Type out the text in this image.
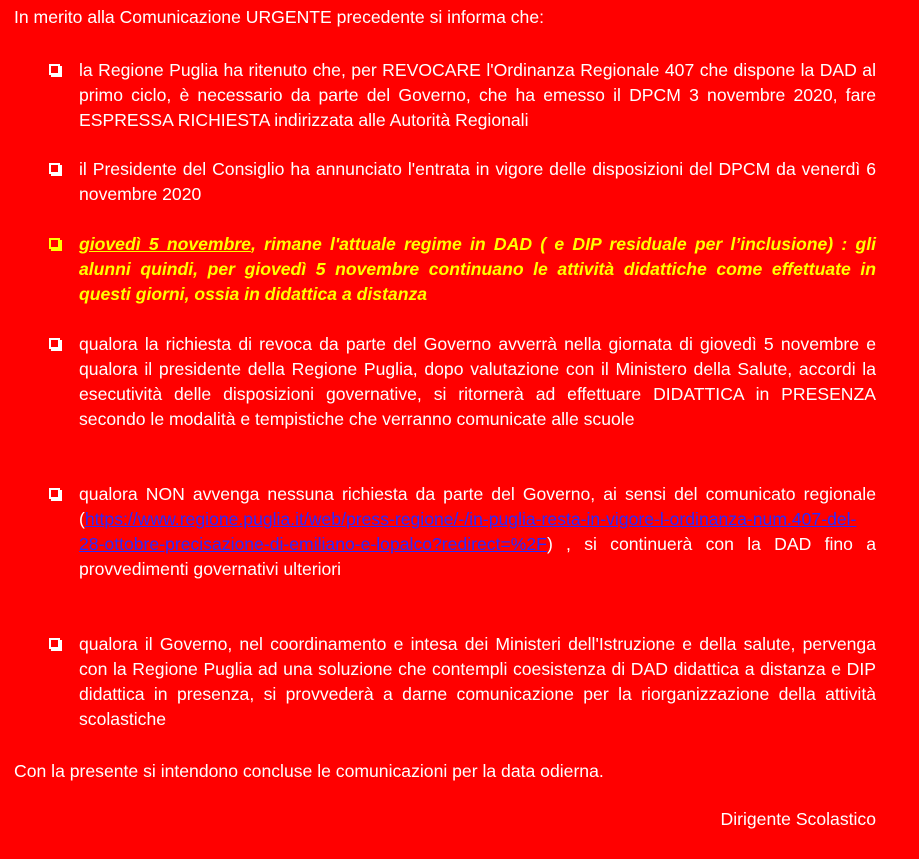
In merito alla Comunicazione URGENTE precedente si informa che:

la Regione Puglia ha ritenuto che, per REVOCARE l'Ordinanza Regionale 407 che dispone la DAD al primo ciclo, è necessario da parte del Governo, che ha emesso il DPCM 3 novembre 2020, fare ESPRESSA RICHIESTA indirizzata alle Autorità Regionali

il Presidente del Consiglio ha annunciato l'entrata in vigore delle disposizioni del DPCM da venerdì 6 novembre 2020

giovedì 5 novembre, rimane l'attuale regime in DAD ( e DIP residuale per l’inclusione) : gli alunni quindi, per giovedì 5 novembre continuano le attività didattiche come effettuate in questi giorni, ossia in didattica a distanza

qualora la richiesta di revoca da parte del Governo avverrà nella giornata di giovedì 5 novembre e qualora il presidente della Regione Puglia, dopo valutazione con il Ministero della Salute, accordi la esecutività delle disposizioni governative, si ritornerà ad effettuare DIDATTICA in PRESENZA secondo le modalità e tempistiche che verranno comunicate alle scuole

qualora NON avvenga nessuna richiesta da parte del Governo, ai sensi del comunicato regionale (https://www.regione.puglia.it/web/press-regione/-/in-puglia-resta-in-vigore-l-ordinanza-num.407-del-28-ottobre-precisazione-di-emiliano-e-lopalco?redirect=%2F) , si continuerà con la DAD fino a provvedimenti governativi ulteriori

qualora il Governo, nel coordinamento e intesa dei Ministeri dell'Istruzione e della salute, pervenga con la Regione Puglia ad una soluzione che contempli coesistenza di DAD didattica a distanza e DIP didattica in presenza, si provvederà a darne comunicazione per la riorganizzazione della attività scolastiche

Con la presente si intendono concluse le comunicazioni per la data odierna.

Dirigente Scolastico
